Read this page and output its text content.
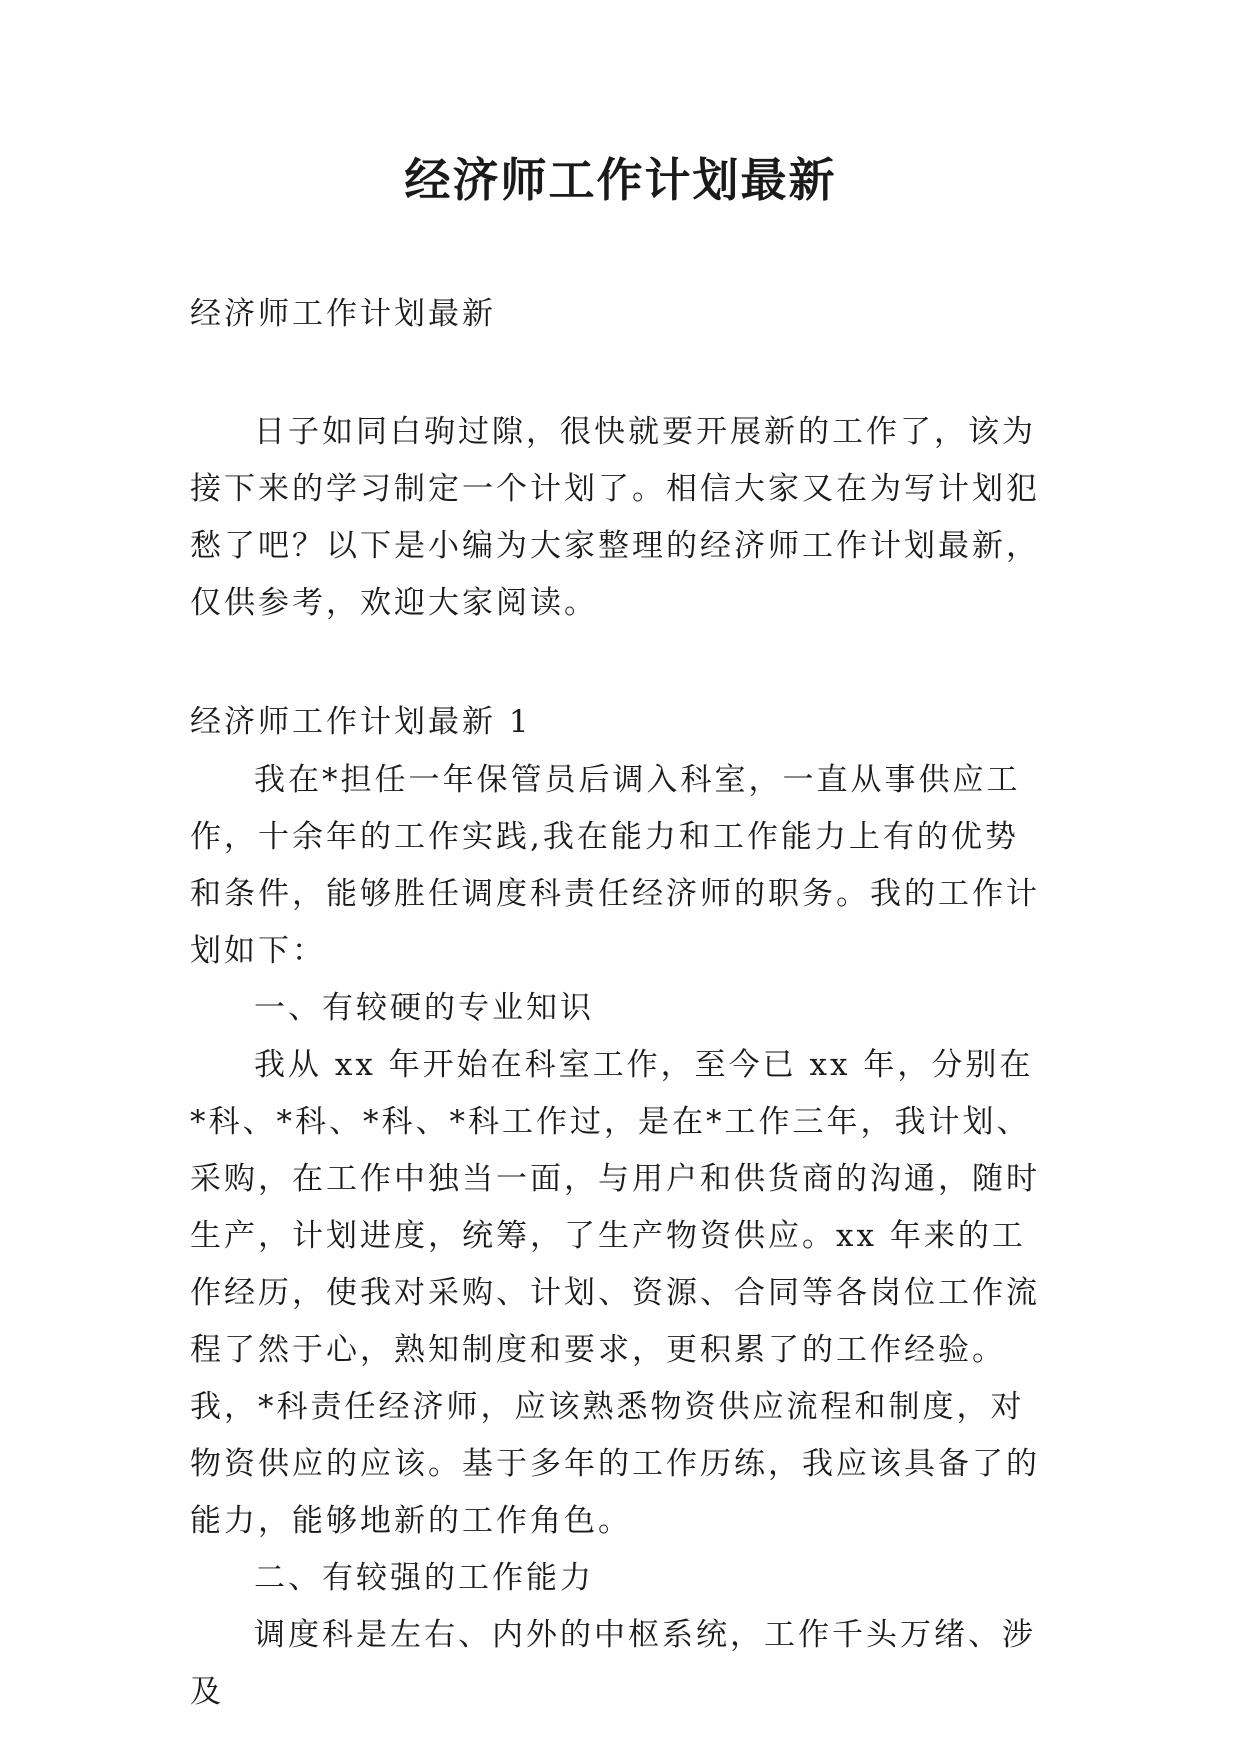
经济师工作计划最新

经济师工作计划最新

日子如同白驹过隙，很快就要开展新的工作了，该为接下来的学习制定一个计划了。相信大家又在为写计划犯愁了吧？以下是小编为大家整理的经济师工作计划最新，仅供参考，欢迎大家阅读。

经济师工作计划最新 1

我在*担任一年保管员后调入科室，一直从事供应工作，十余年的工作实践,我在能力和工作能力上有的优势和条件，能够胜任调度科责任经济师的职务。我的工作计划如下：

一、有较硬的专业知识

我从 xx 年开始在科室工作，至今已 xx 年，分别在*科、*科、*科、*科工作过，是在*工作三年，我计划、采购，在工作中独当一面，与用户和供货商的沟通，随时生产，计划进度，统筹，了生产物资供应。xx 年来的工作经历，使我对采购、计划、资源、合同等各岗位工作流程了然于心，熟知制度和要求，更积累了的工作经验。我，*科责任经济师，应该熟悉物资供应流程和制度，对物资供应的应该。基于多年的工作历练，我应该具备了的能力，能够地新的工作角色。

二、有较强的工作能力

调度科是左右、内外的中枢系统，工作千头万绪、涉及
